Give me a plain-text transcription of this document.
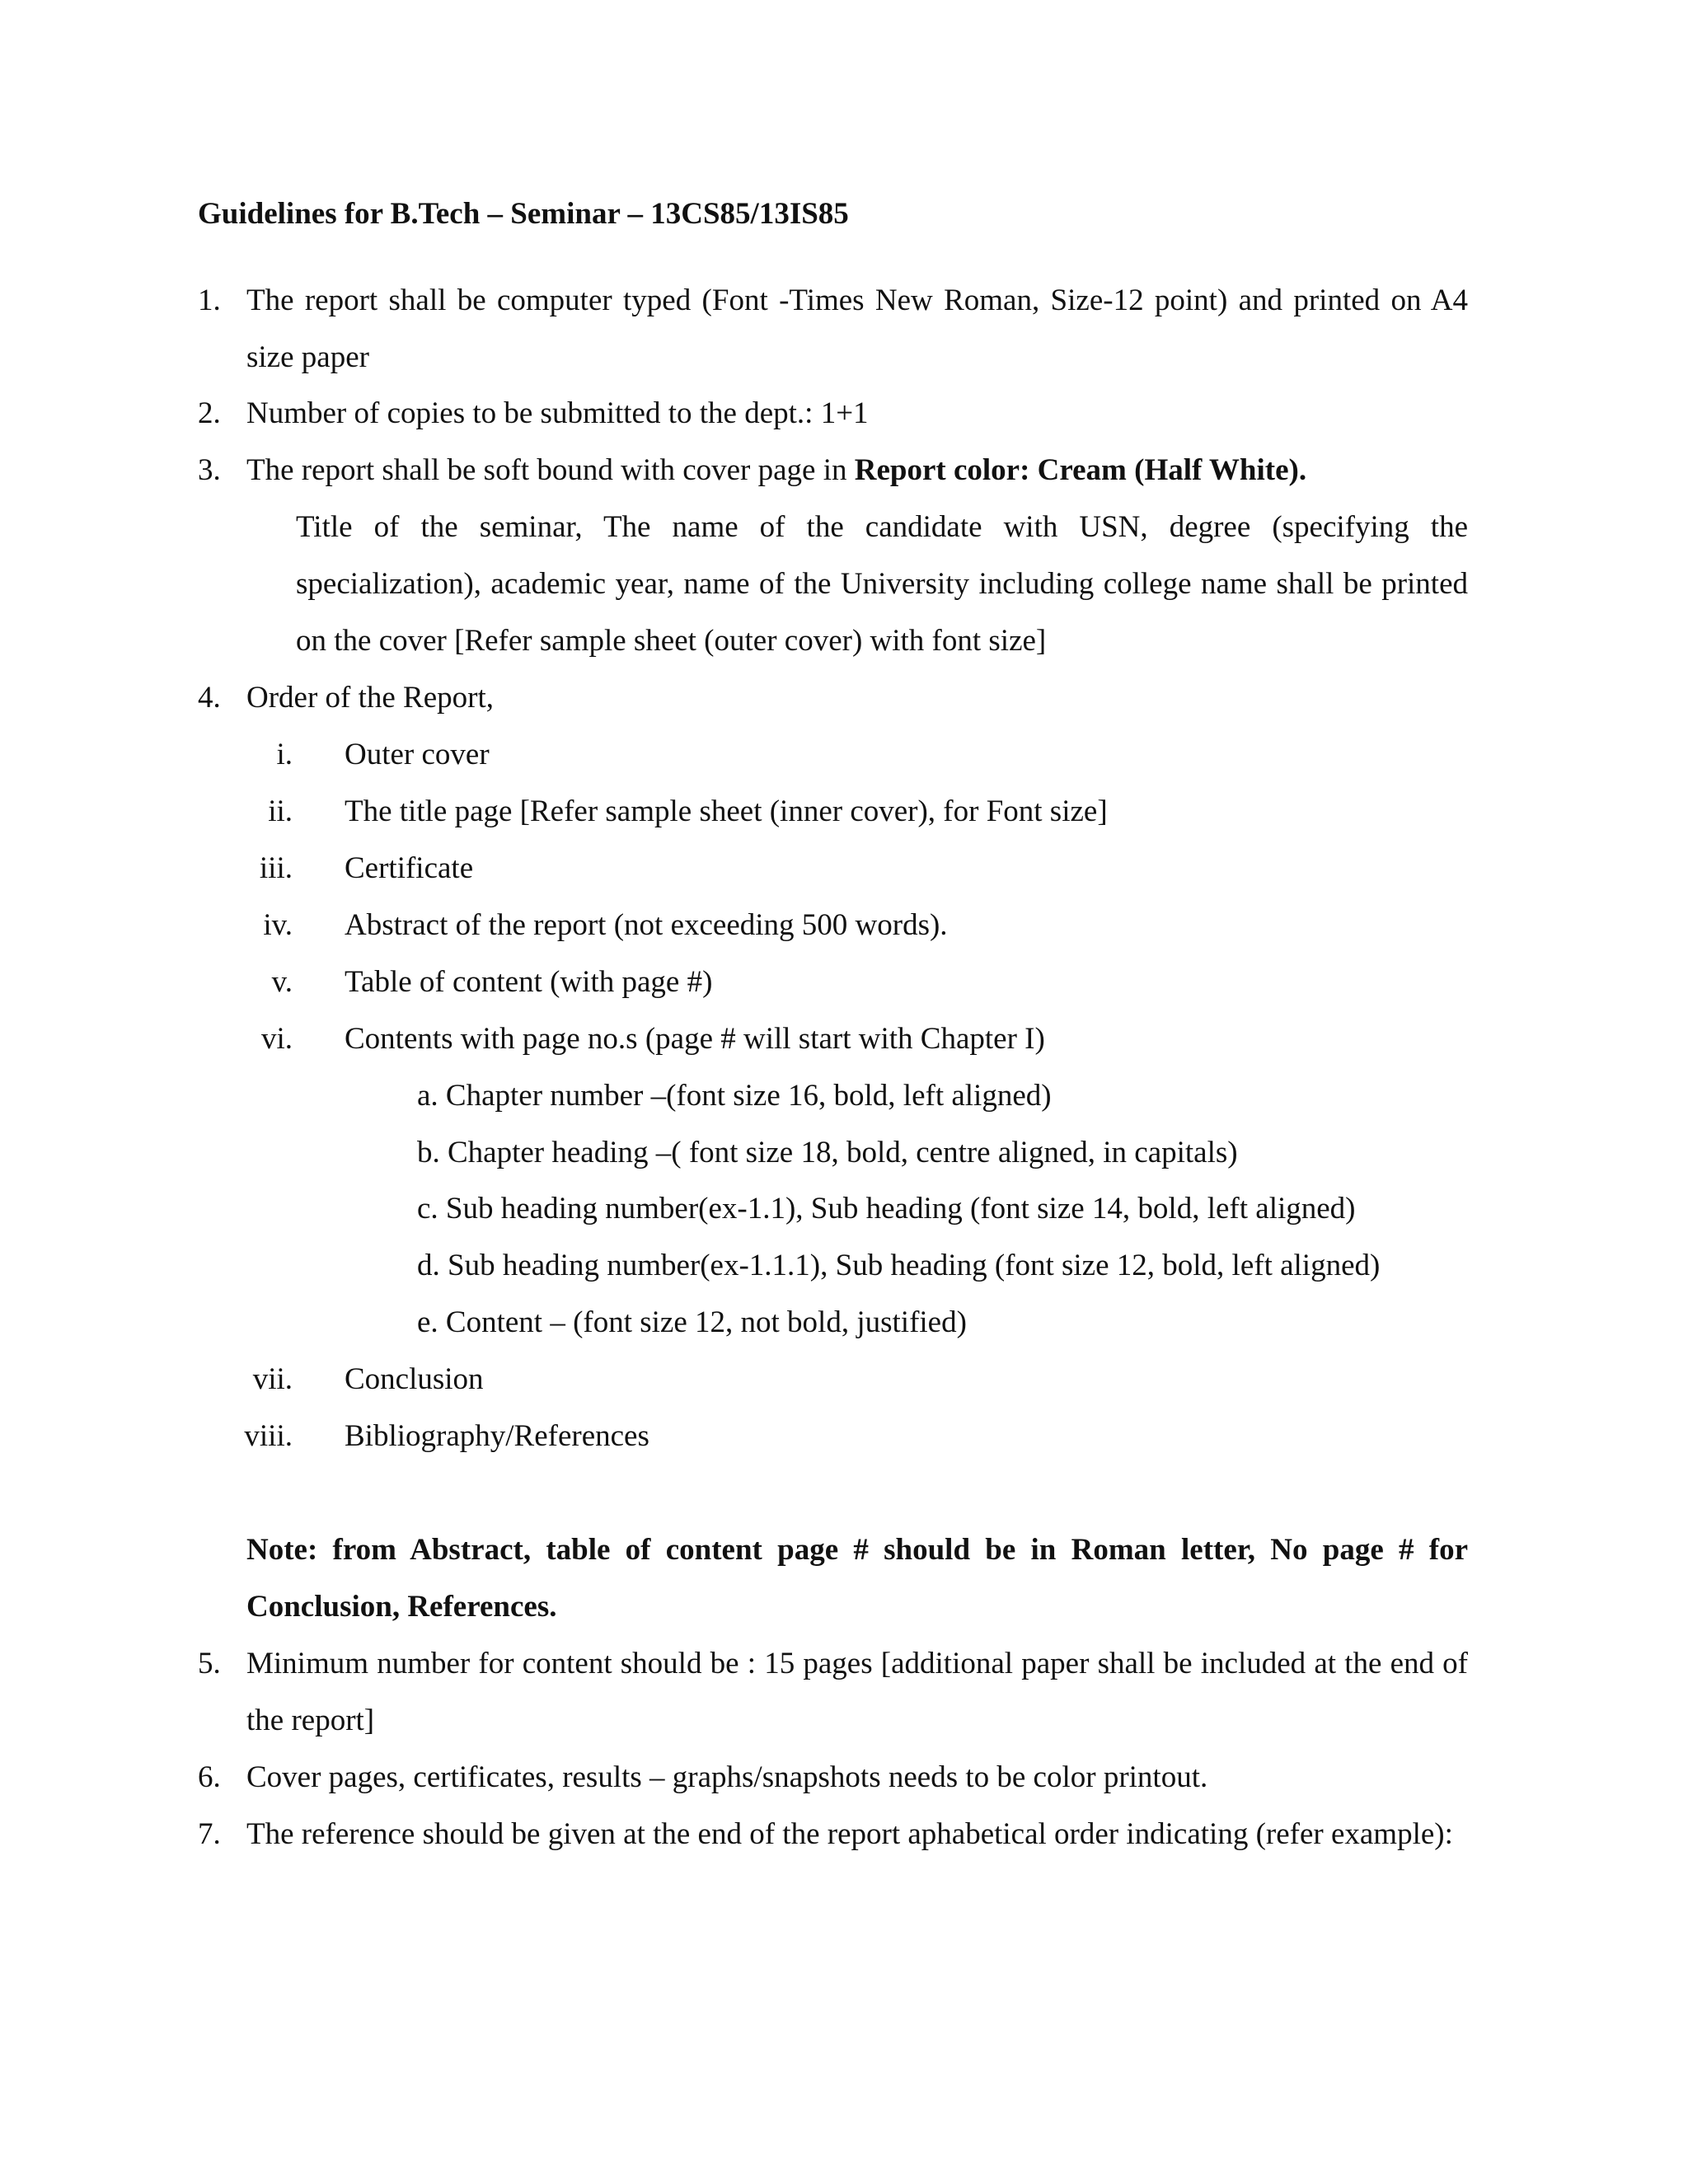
Guidelines for B.Tech – Seminar – 13CS85/13IS85
1. The report shall be computer typed (Font -Times New Roman, Size-12 point) and printed on A4 size paper
2. Number of copies to be submitted to the dept.: 1+1
3. The report shall be soft bound with cover page in Report color: Cream (Half White).
Title of the seminar, The name of the candidate with USN, degree (specifying the specialization), academic year, name of the University including college name shall be printed on the cover [Refer sample sheet (outer cover) with font size]
4. Order of the Report,
i. Outer cover
ii. The title page [Refer sample sheet (inner cover), for Font size]
iii. Certificate
iv. Abstract of the report (not exceeding 500 words).
v. Table of content (with page #)
vi. Contents with page no.s (page # will start with Chapter I)
a. Chapter number –(font size 16, bold, left aligned)
b. Chapter heading –( font size 18, bold, centre aligned, in capitals)
c. Sub heading number(ex-1.1), Sub heading (font size 14, bold, left aligned)
d. Sub heading number(ex-1.1.1), Sub heading (font size 12, bold, left aligned)
e. Content – (font size 12, not bold, justified)
vii. Conclusion
viii. Bibliography/References
Note: from Abstract, table of content page # should be in Roman letter, No page # for Conclusion, References.
5. Minimum number for content should be : 15 pages [additional paper shall be included at the end of the report]
6. Cover pages, certificates, results – graphs/snapshots needs to be color printout.
7. The reference should be given at the end of the report aphabetical order indicating (refer example):
